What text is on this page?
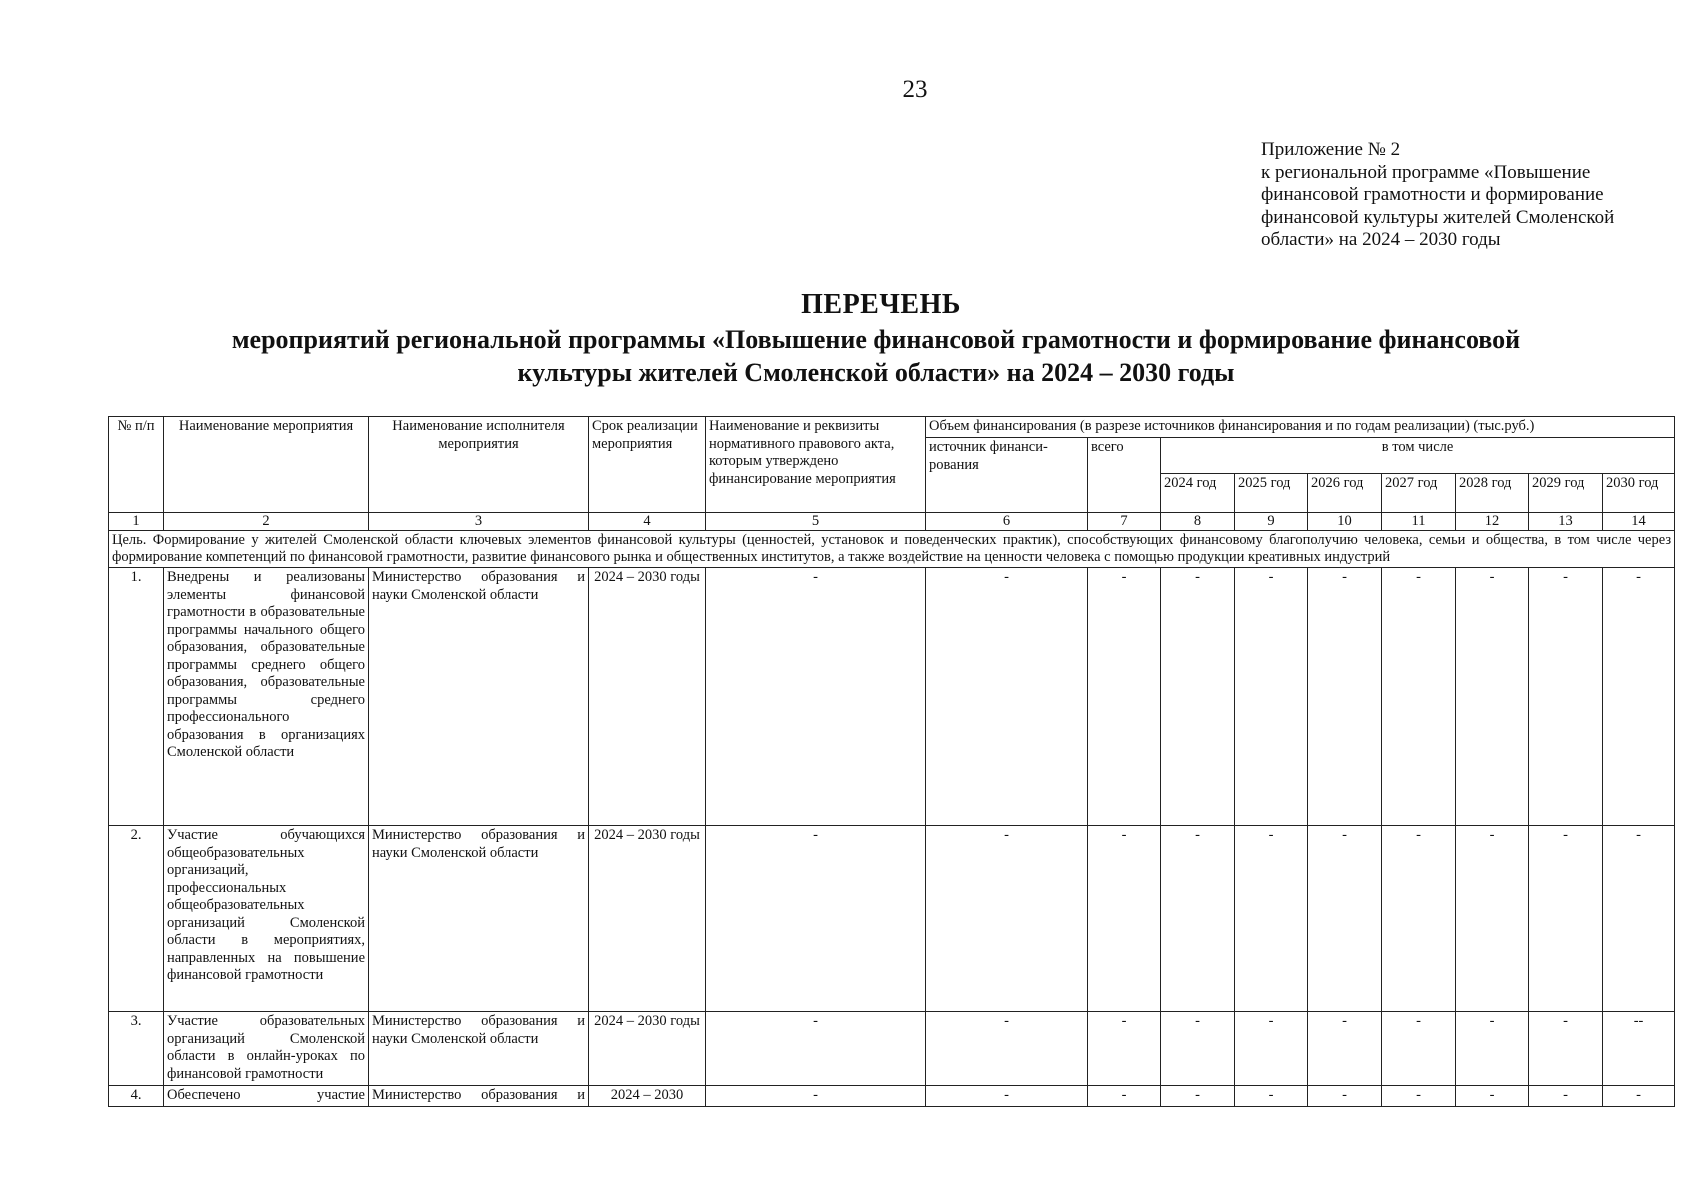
23
Приложение № 2
к региональной программе «Повышение
финансовой грамотности и формирование
финансовой культуры жителей Смоленской
области» на 2024 – 2030 годы
ПЕРЕЧЕНЬ
мероприятий региональной программы «Повышение финансовой грамотности и формирование финансовой
культуры жителей Смоленской области» на 2024 – 2030 годы
№ п/п	Наименование мероприятия	Наименование исполнителя мероприятия	Срок реализации мероприятия	Наименование и реквизиты нормативного правового акта, которым утверждено финансирование мероприятия	Объем финансирования (в разрезе источников финансирования и по годам реализации) (тыс.руб.)								
					источник финанси-рования	всего	в том числе						
							2024 год	2025 год	2026 год	2027 год	2028 год	2029 год	2030 год
1	2	3	4	5	6	7	8	9	10	11	12	13	14
Цель. Формирование у жителей Смоленской области ключевых элементов финансовой культуры (ценностей, установок и поведенческих практик), способствующих финансовому благополучию человека, семьи и общества, в том числе через формирование компетенций по финансовой грамотности, развитие финансового рынка и общественных институтов, а также воздействие на ценности человека с помощью продукции креативных индустрий													
1.	Внедрены и реализованы элементы финансовой грамотности в образовательные программы начального общего образования, образовательные программы среднего общего образования, образовательные программы среднего профессионального образования в организациях Смоленской области	Министерство образования и науки Смоленской области	2024 – 2030 годы	-	-	-	-	-	-	-	-	-	-
2.	Участие обучающихся общеобразовательных организаций, профессиональных общеобразовательных организаций Смоленской области в мероприятиях, направленных на повышение финансовой грамотности	Министерство образования и науки Смоленской области	2024 – 2030 годы	-	-	-	-	-	-	-	-	-	-
3.	Участие образовательных организаций Смоленской области в онлайн-уроках по финансовой грамотности	Министерство образования и науки Смоленской области	2024 – 2030 годы	-	-	-	-	-	-	-	-	-	--
4.	Обеспечено участие	Министерство образования и	2024 – 2030	-	-	-	-	-	-	-	-	-	-
